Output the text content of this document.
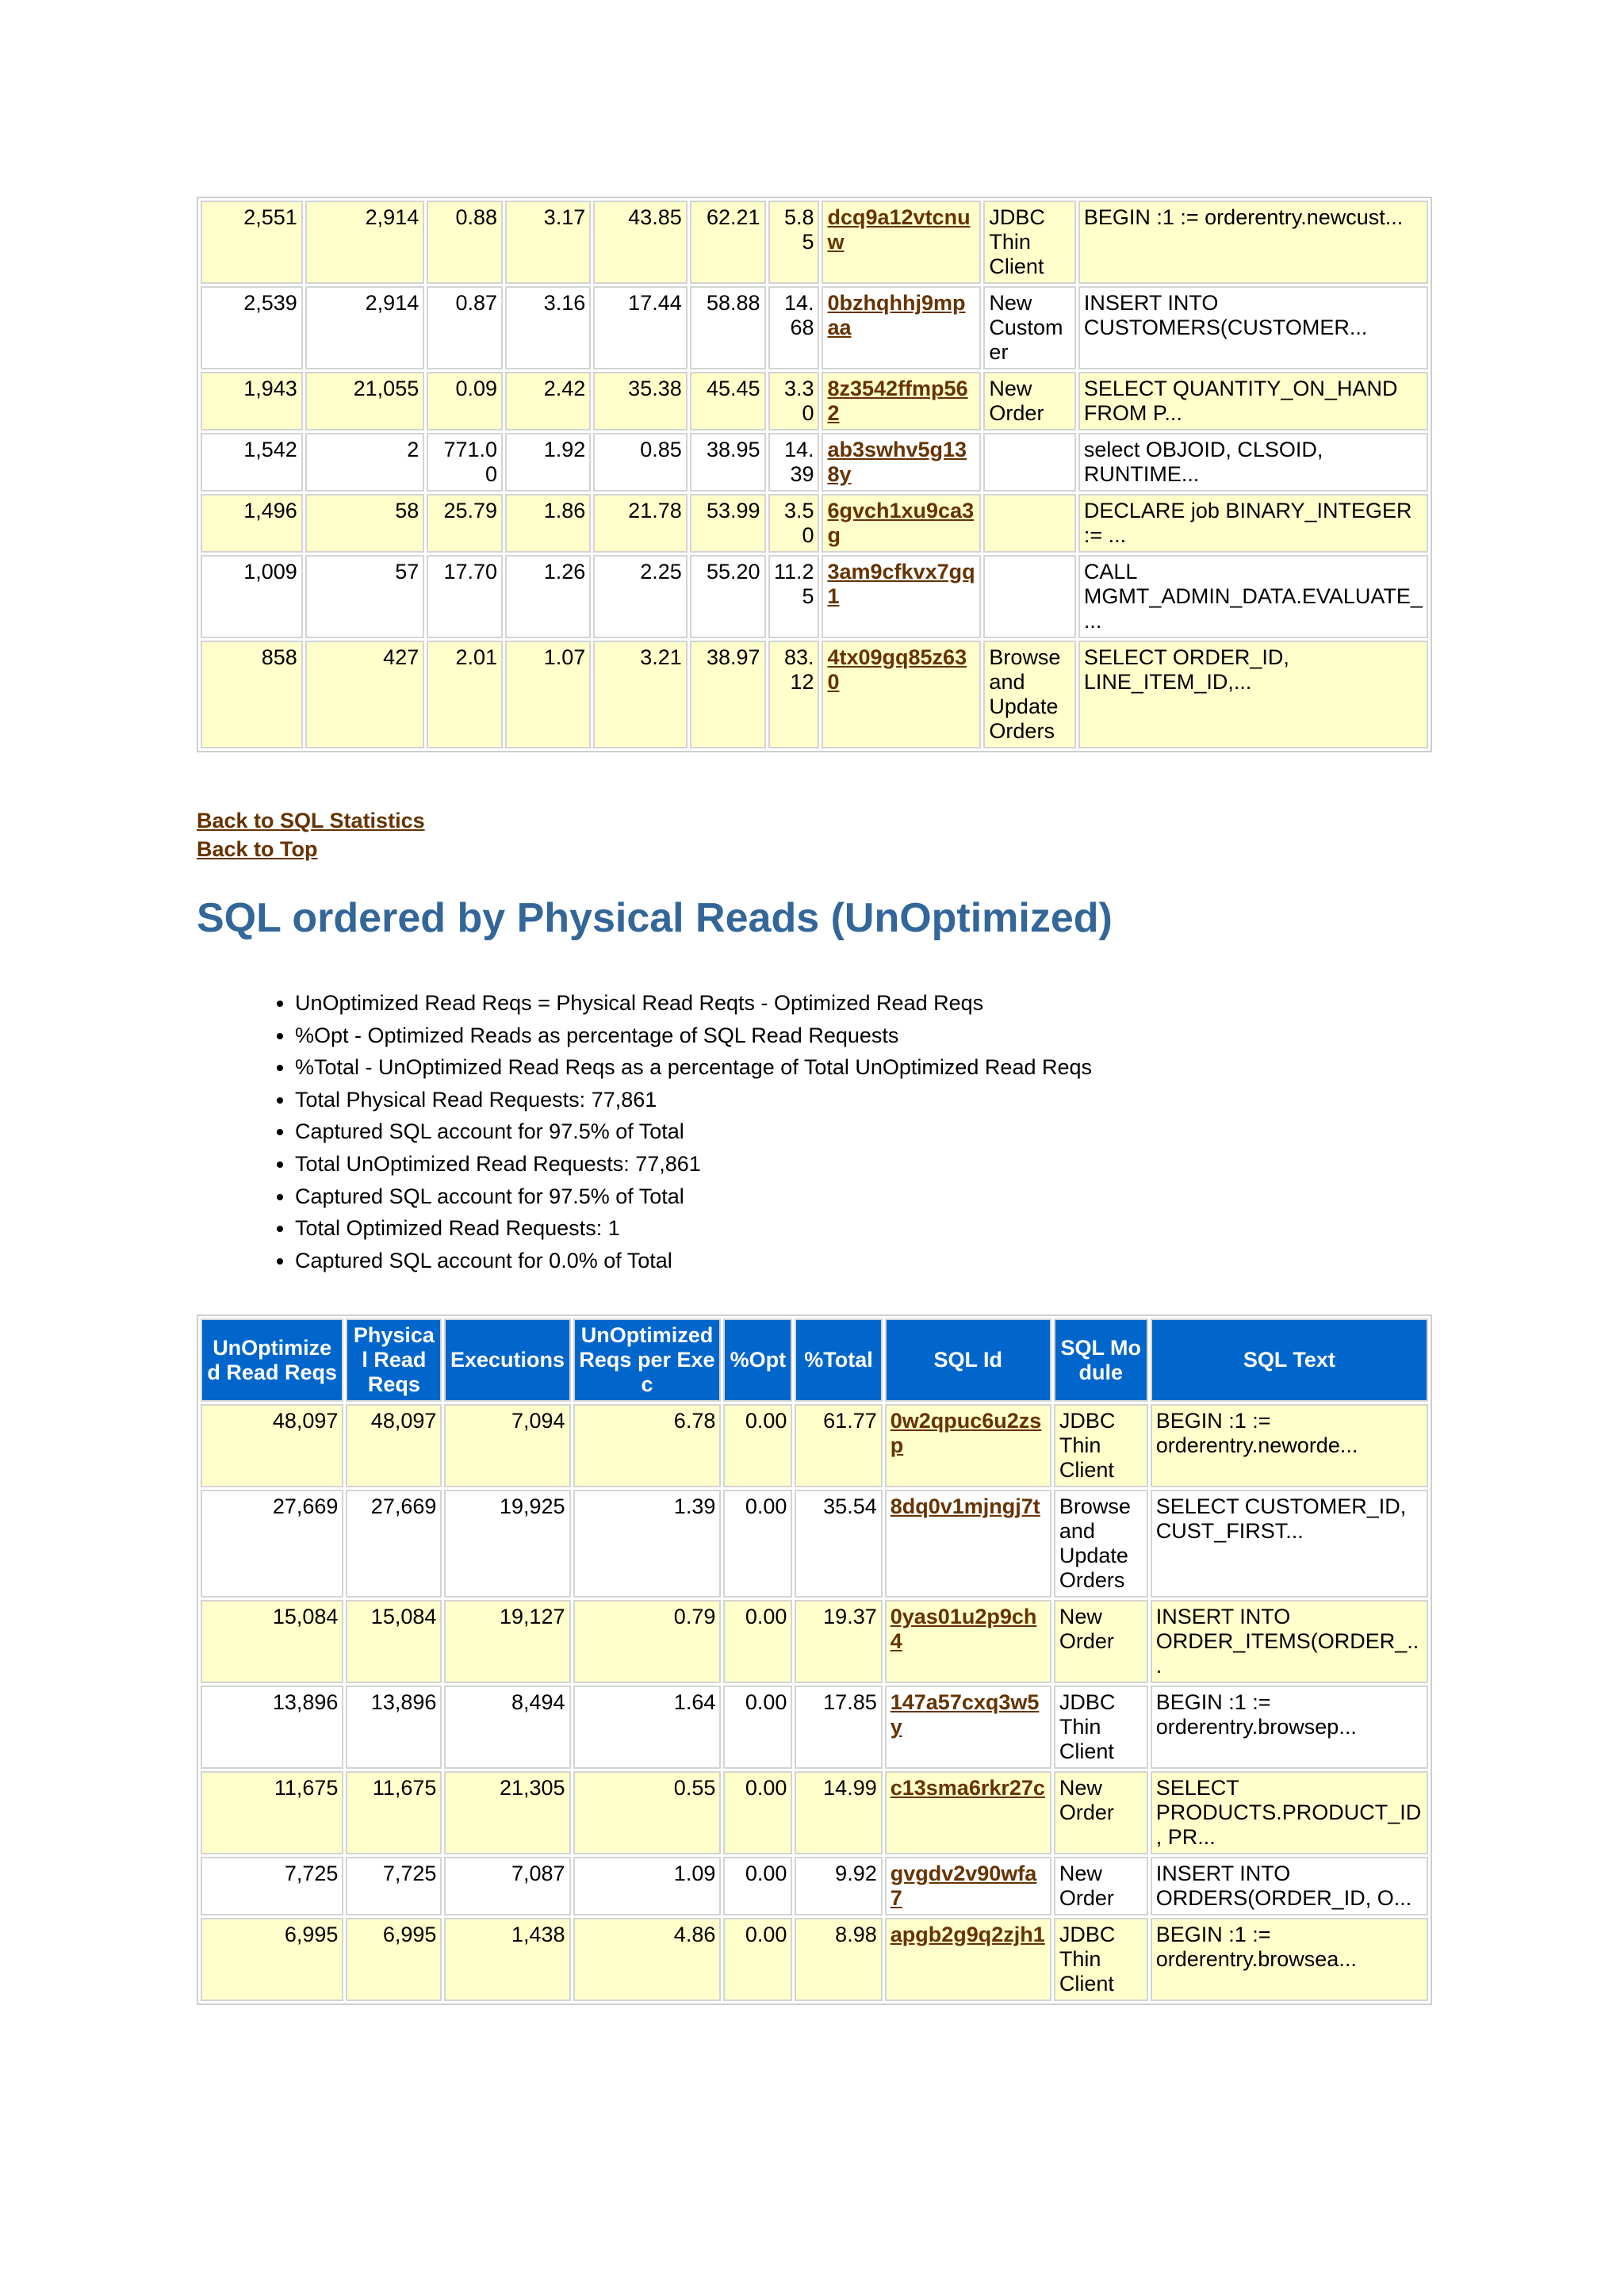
2,551	2,914	0.88	3.17	43.85	62.21	5.85	dcq9a12vtcnuw	JDBC Thin Client	BEGIN :1 := orderentry.newcust...
2,539	2,914	0.87	3.16	17.44	58.88	14.68	0bzhqhhj9mpaa	New Customer	INSERT INTO CUSTOMERS(CUSTOMER...
1,943	21,055	0.09	2.42	35.38	45.45	3.30	8z3542ffmp562	New Order	SELECT QUANTITY_ON_HAND FROM P...
1,542	2	771.00	1.92	0.85	38.95	14.39	ab3swhv5g138y		select OBJOID, CLSOID, RUNTIME...
1,496	58	25.79	1.86	21.78	53.99	3.50	6gvch1xu9ca3g		DECLARE job BINARY_INTEGER := ...
1,009	57	17.70	1.26	2.25	55.20	11.25	3am9cfkvx7gq1		CALL MGMT_ADMIN_DATA.EVALUATE_...
858	427	2.01	1.07	3.21	38.97	83.12	4tx09gq85z630	Browse and Update Orders	SELECT ORDER_ID, LINE_ITEM_ID,...
Back to SQL Statistics
Back to Top
SQL ordered by Physical Reads (UnOptimized)
• UnOptimized Read Reqs = Physical Read Reqts - Optimized Read Reqs
• %Opt - Optimized Reads as percentage of SQL Read Requests
• %Total - UnOptimized Read Reqs as a percentage of Total UnOptimized Read Reqs
• Total Physical Read Requests: 77,861
• Captured SQL account for 97.5% of Total
• Total UnOptimized Read Requests: 77,861
• Captured SQL account for 97.5% of Total
• Total Optimized Read Requests: 1
• Captured SQL account for 0.0% of Total
UnOptimized Read Reqs	Physical Read Reqs	Executions	UnOptimized Reqs per Exec	%Opt	%Total	SQL Id	SQL Module	SQL Text
48,097	48,097	7,094	6.78	0.00	61.77	0w2qpuc6u2zsp	JDBC Thin Client	BEGIN :1 := orderentry.neworde...
27,669	27,669	19,925	1.39	0.00	35.54	8dq0v1mjngj7t	Browse and Update Orders	SELECT CUSTOMER_ID, CUST_FIRST...
15,084	15,084	19,127	0.79	0.00	19.37	0yas01u2p9ch4	New Order	INSERT INTO ORDER_ITEMS(ORDER_...
13,896	13,896	8,494	1.64	0.00	17.85	147a57cxq3w5y	JDBC Thin Client	BEGIN :1 := orderentry.browsep...
11,675	11,675	21,305	0.55	0.00	14.99	c13sma6rkr27c	New Order	SELECT PRODUCTS.PRODUCT_ID, PR...
7,725	7,725	7,087	1.09	0.00	9.92	gvgdv2v90wfa7	New Order	INSERT INTO ORDERS(ORDER_ID, O...
6,995	6,995	1,438	4.86	0.00	8.98	apgb2g9q2zjh1	JDBC Thin Client	BEGIN :1 := orderentry.browsea...
